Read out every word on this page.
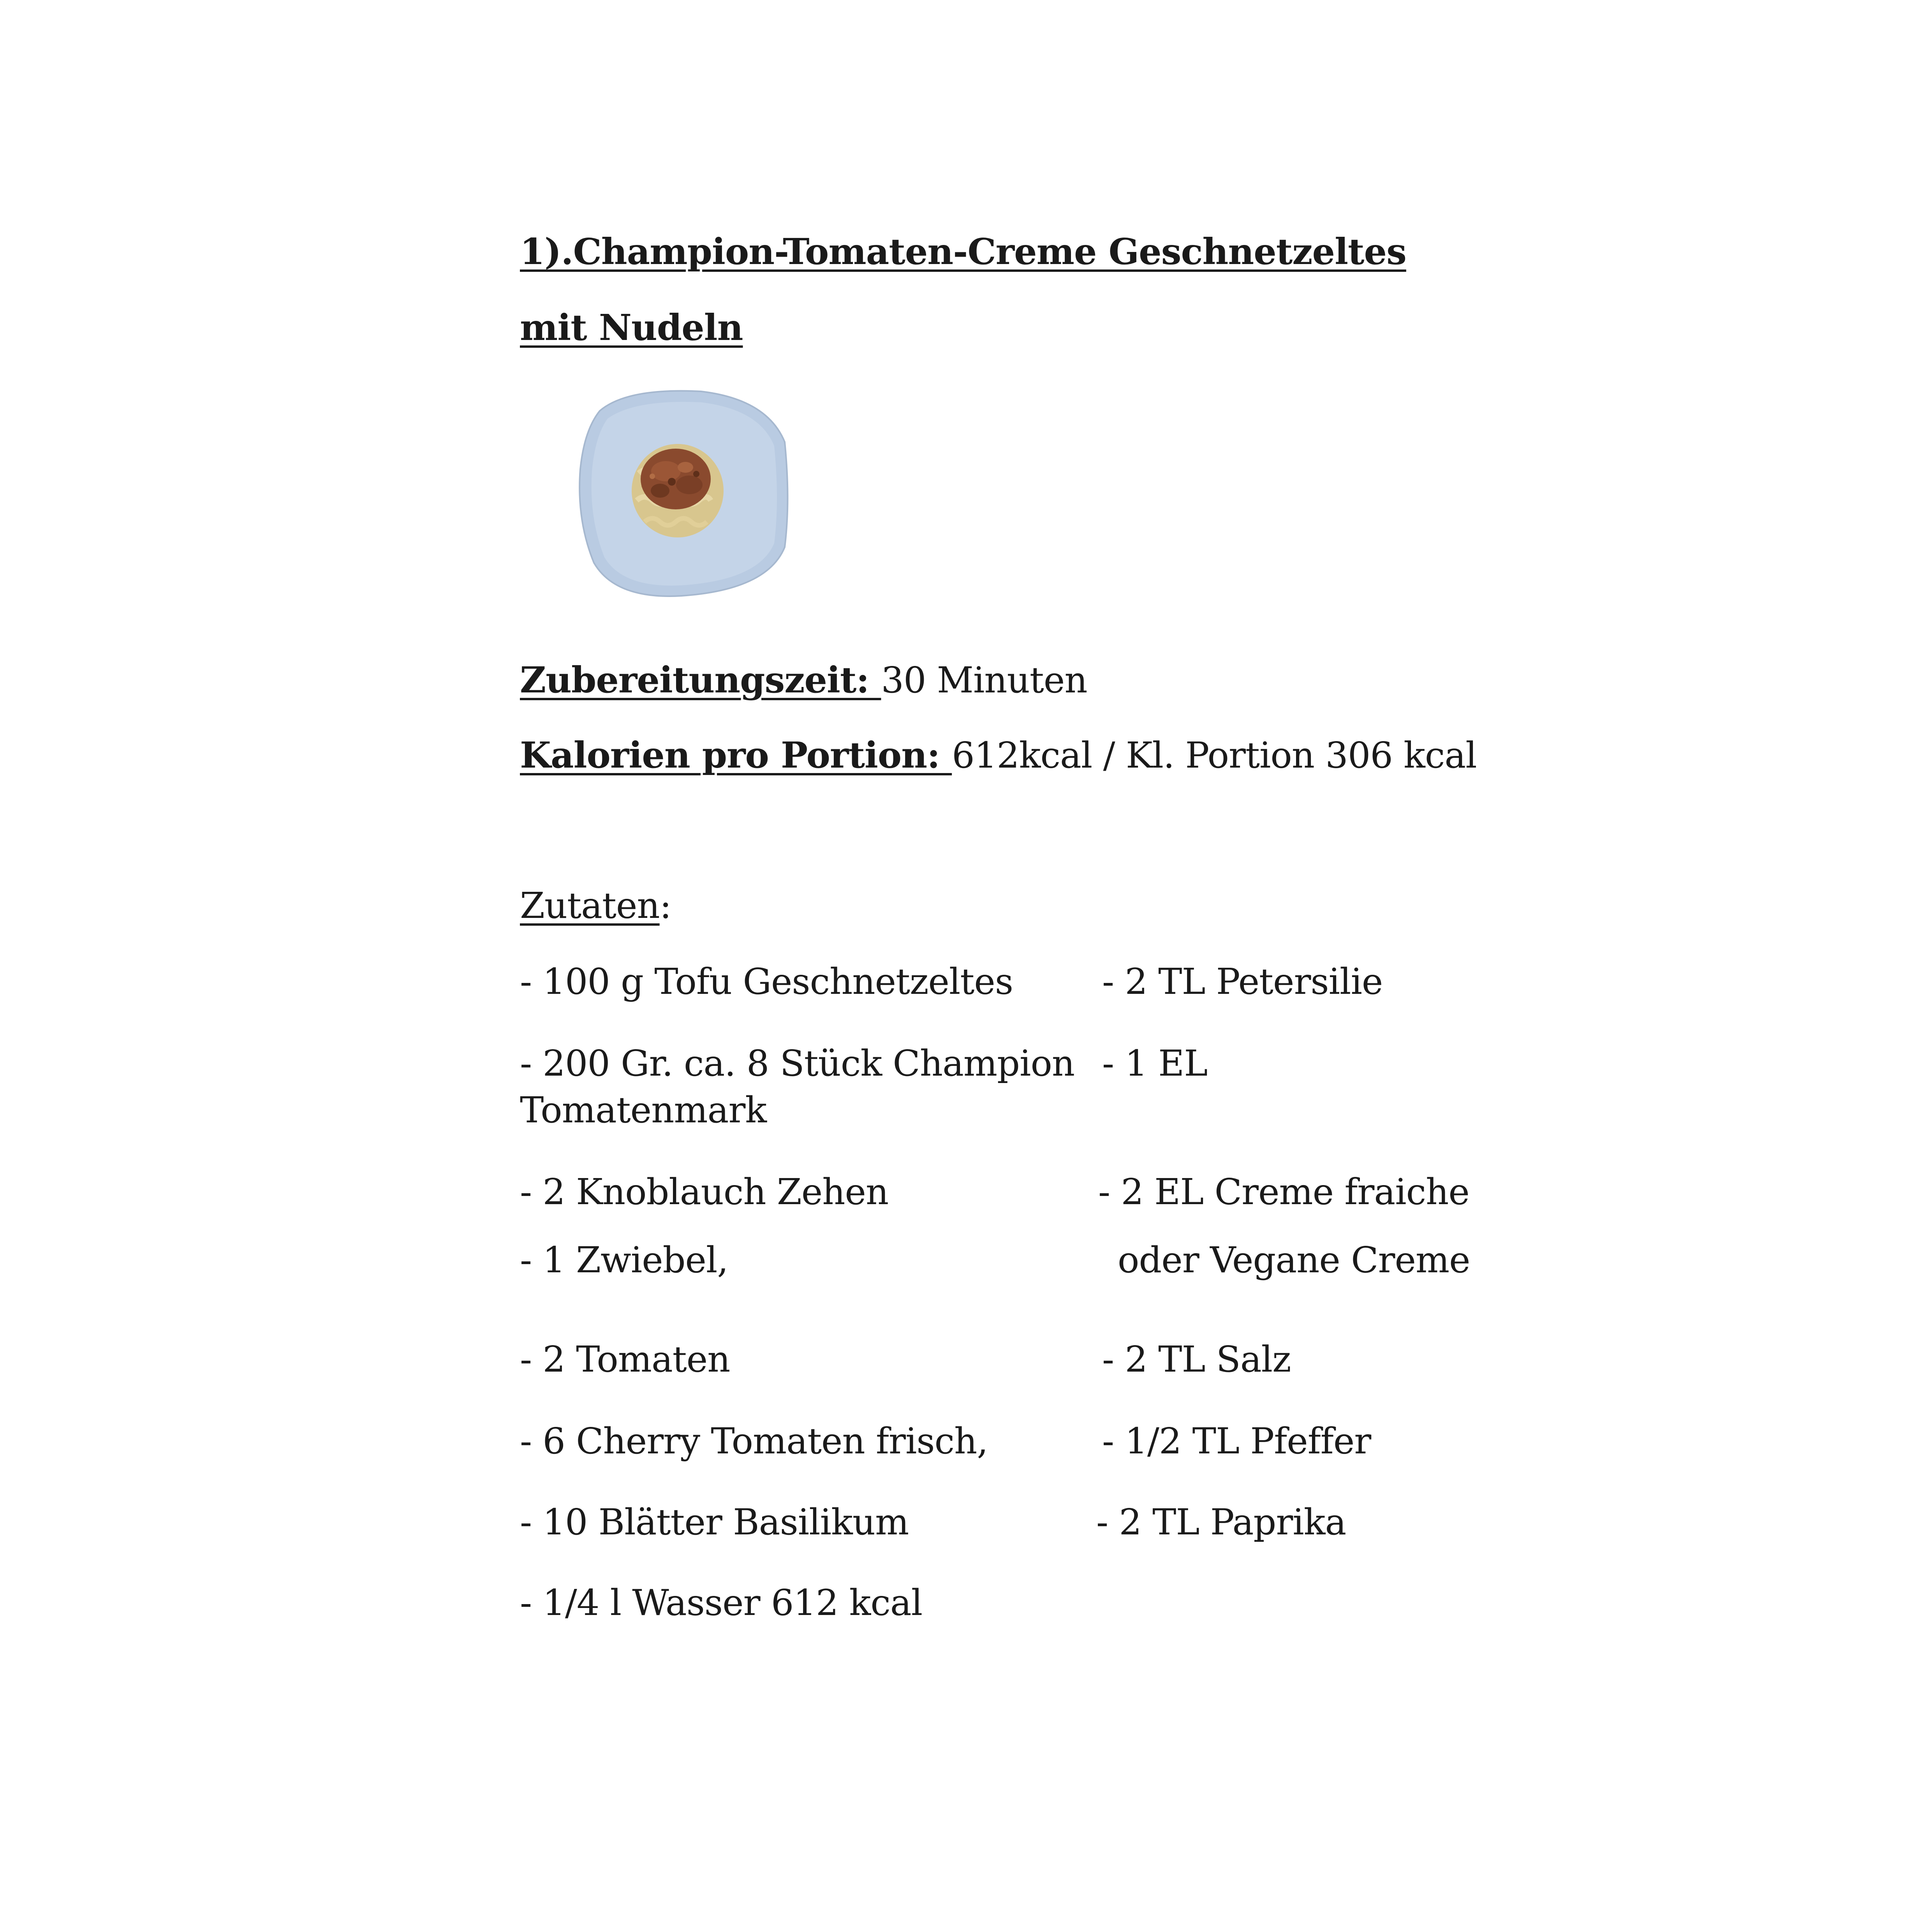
1).Champion-Tomaten-Creme Geschnetzeltes
mit Nudeln
Zubereitungszeit: 30 Minuten
Kalorien pro Portion: 612kcal / Kl. Portion 306 kcal
Zutaten:
- 100 g Tofu Geschnetzeltes
- 200 Gr. ca. 8 Stück Champion
Tomatenmark
- 2 Knoblauch Zehen
- 1 Zwiebel,
- 2 Tomaten
- 6 Cherry Tomaten frisch,
- 10 Blätter Basilikum
- 1/4 l Wasser 612 kcal
- 2 TL Petersilie
- 1 EL
- 2 EL Creme fraiche
oder Vegane Creme
- 2 TL Salz
- 1/2 TL Pfeffer
- 2 TL Paprika
